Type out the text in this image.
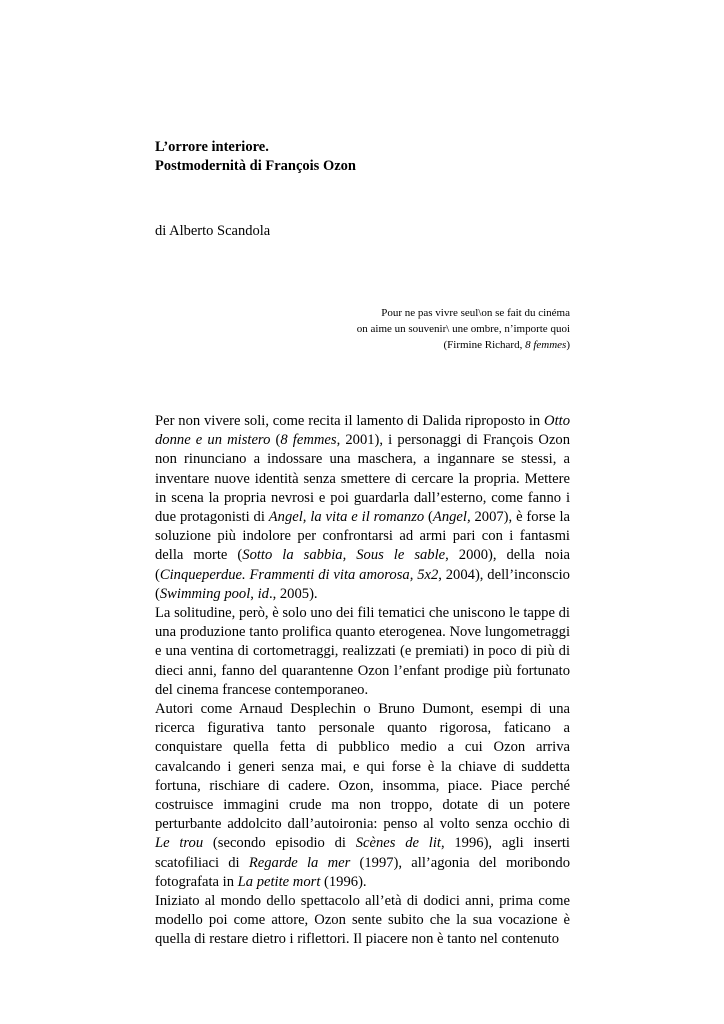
L’orrore interiore.
Postmodernità di François Ozon
di Alberto Scandola
Pour ne pas vivre seul\on se fait du cinéma
on aime un souvenir\ une ombre, n’importe quoi
(Firmine Richard, 8 femmes)

Per non vivere soli, come recita il lamento di Dalida riproposto in Otto donne e un mistero (8 femmes, 2001), i personaggi di François Ozon non rinunciano a indossare una maschera, a ingannare se stessi, a inventare nuove identità senza smettere di cercare la propria. Mettere in scena la propria nevrosi e poi guardarla dall’esterno, come fanno i due protagonisti di Angel, la vita e il romanzo (Angel, 2007), è forse la soluzione più indolore per confrontarsi ad armi pari con i fantasmi della morte (Sotto la sabbia, Sous le sable, 2000), della noia (Cinqueperdue. Frammenti di vita amorosa, 5x2, 2004), dell’inconscio (Swimming pool, id., 2005).

La solitudine, però, è solo uno dei fili tematici che uniscono le tappe di una produzione tanto prolifica quanto eterogenea. Nove lungometraggi e una ventina di cortometraggi, realizzati (e premiati) in poco di più di dieci anni, fanno del quarantenne Ozon l’enfant prodige più fortunato del cinema francese contemporaneo.

Autori come Arnaud Desplechin o Bruno Dumont, esempi di una ricerca figurativa tanto personale quanto rigorosa, faticano a conquistare quella fetta di pubblico medio a cui Ozon arriva cavalcando i generi senza mai, e qui forse è la chiave di suddetta fortuna, rischiare di cadere. Ozon, insomma, piace. Piace perché costruisce immagini crude ma non troppo, dotate di un potere perturbante addolcito dall’autoironia: penso al volto senza occhio di Le trou (secondo episodio di Scènes de lit, 1996), agli inserti scatofiliaci di Regarde la mer (1997), all’agonia del moribondo fotografata in La petite mort (1996).

Iniziato al mondo dello spettacolo all’età di dodici anni, prima come modello poi come attore, Ozon sente subito che la sua vocazione è quella di restare dietro i riflettori. Il piacere non è tanto nel contenuto
